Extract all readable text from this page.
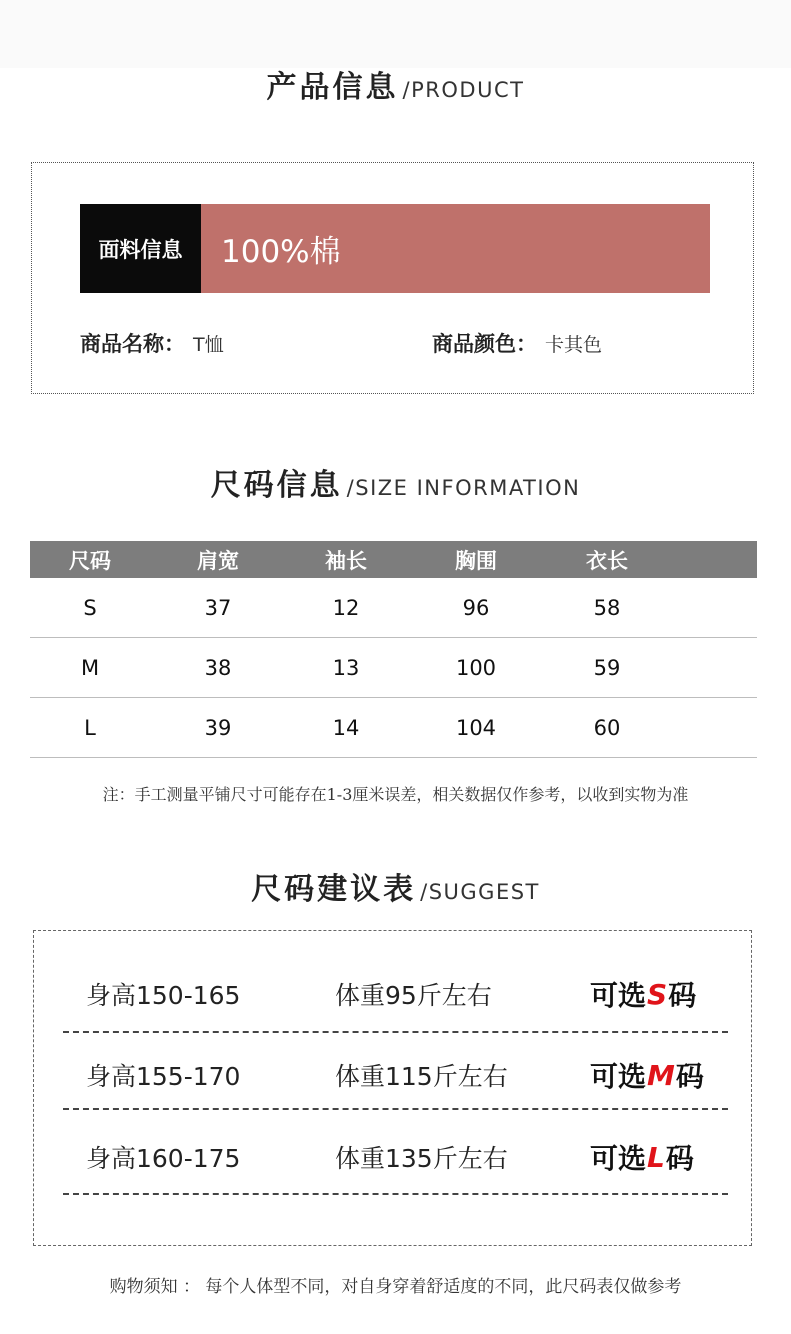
产品信息 /PRODUCT
面料信息	100%棉
商品名称： T恤	商品颜色： 卡其色
尺码信息 /SIZE INFORMATION
尺码	肩宽	袖长	胸围	衣长
S	37	12	96	58
M	38	13	100	59
L	39	14	104	60
注：手工测量平铺尺寸可能存在1-3厘米误差，相关数据仅作参考，以收到实物为准
尺码建议表 /SUGGEST
身高150-165	体重95斤左右	可选 S 码
身高155-170	体重115斤左右	可选 M 码
身高160-175	体重135斤左右	可选 L 码
购物须知 ： 每个人体型不同，对自身穿着舒适度的不同，此尺码表仅做参考
